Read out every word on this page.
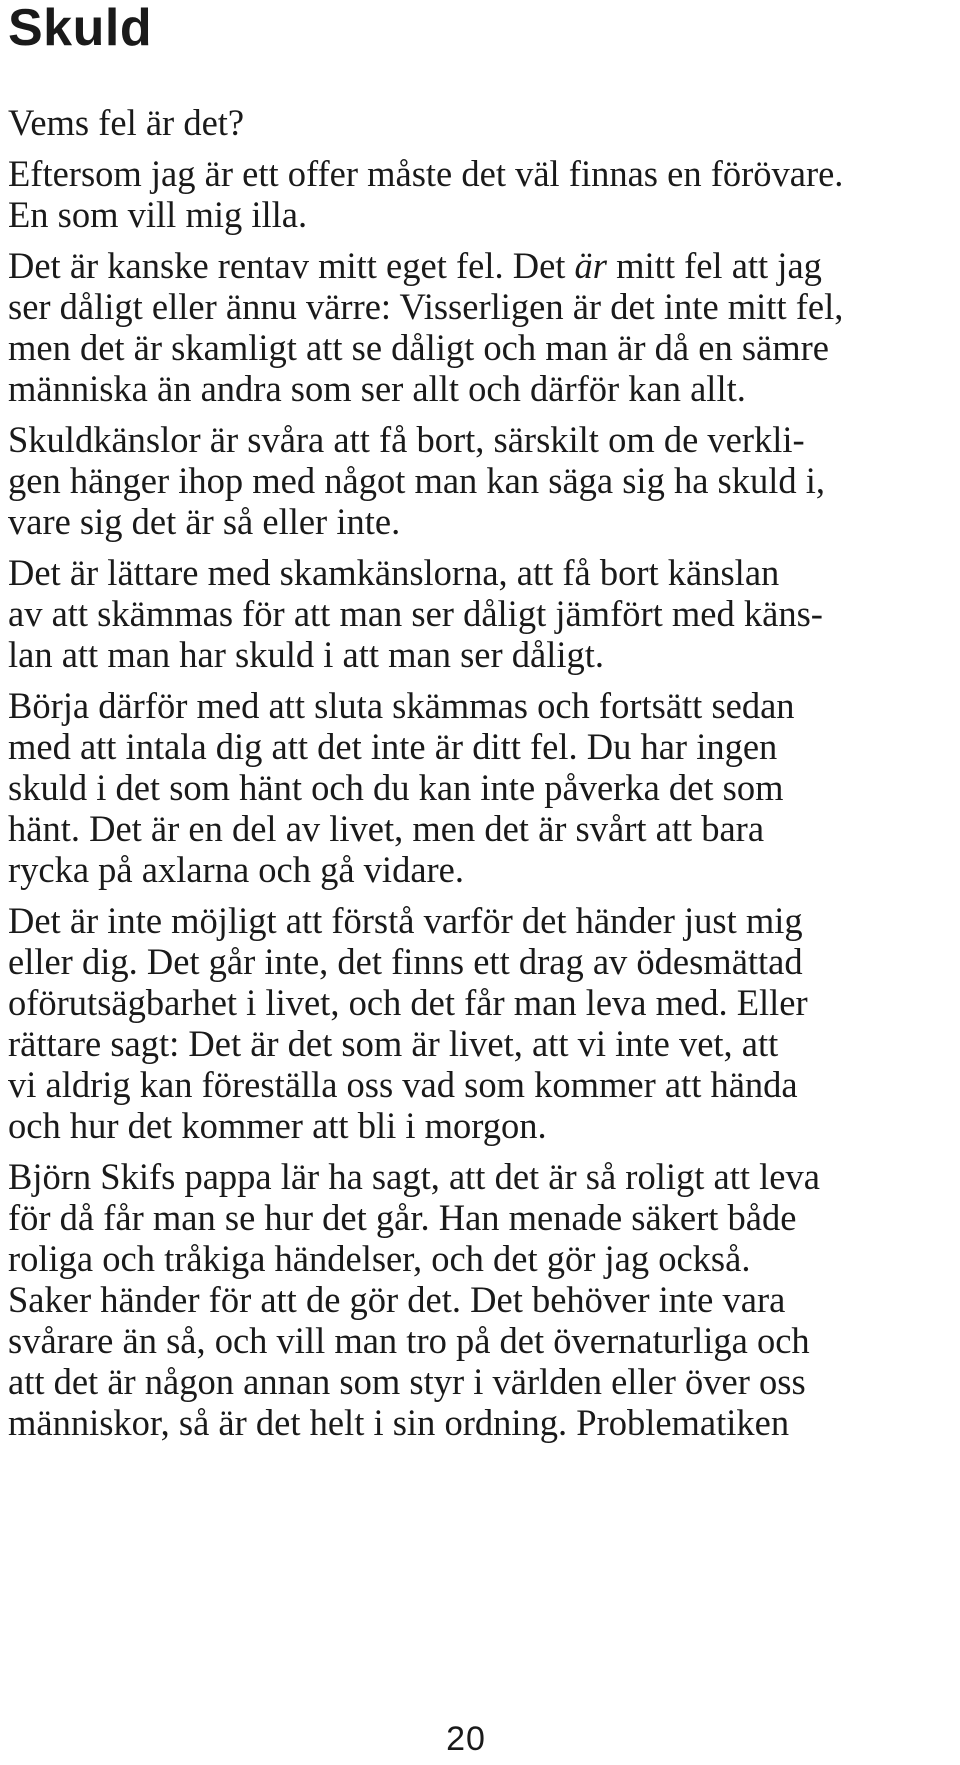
Skuld

Vems fel är det?

Eftersom jag är ett offer måste det väl finnas en förövare.
En som vill mig illa.

Det är kanske rentav mitt eget fel. Det är mitt fel att jag
ser dåligt eller ännu värre: Visserligen är det inte mitt fel,
men det är skamligt att se dåligt och man är då en sämre
människa än andra som ser allt och därför kan allt.

Skuldkänslor är svåra att få bort, särskilt om de verkli-
gen hänger ihop med något man kan säga sig ha skuld i,
vare sig det är så eller inte.

Det är lättare med skamkänslorna, att få bort känslan
av att skämmas för att man ser dåligt jämfört med käns-
lan att man har skuld i att man ser dåligt.

Börja därför med att sluta skämmas och fortsätt sedan
med att intala dig att det inte är ditt fel. Du har ingen
skuld i det som hänt och du kan inte påverka det som
hänt. Det är en del av livet, men det är svårt att bara
rycka på axlarna och gå vidare.

Det är inte möjligt att förstå varför det händer just mig
eller dig. Det går inte, det finns ett drag av ödesmättad
oförutsägbarhet i livet, och det får man leva med. Eller
rättare sagt: Det är det som är livet, att vi inte vet, att
vi aldrig kan föreställa oss vad som kommer att hända
och hur det kommer att bli i morgon.

Björn Skifs pappa lär ha sagt, att det är så roligt att leva
för då får man se hur det går. Han menade säkert både
roliga och tråkiga händelser, och det gör jag också.
Saker händer för att de gör det. Det behöver inte vara
svårare än så, och vill man tro på det övernaturliga och
att det är någon annan som styr i världen eller över oss
människor, så är det helt i sin ordning. Problematiken

20
